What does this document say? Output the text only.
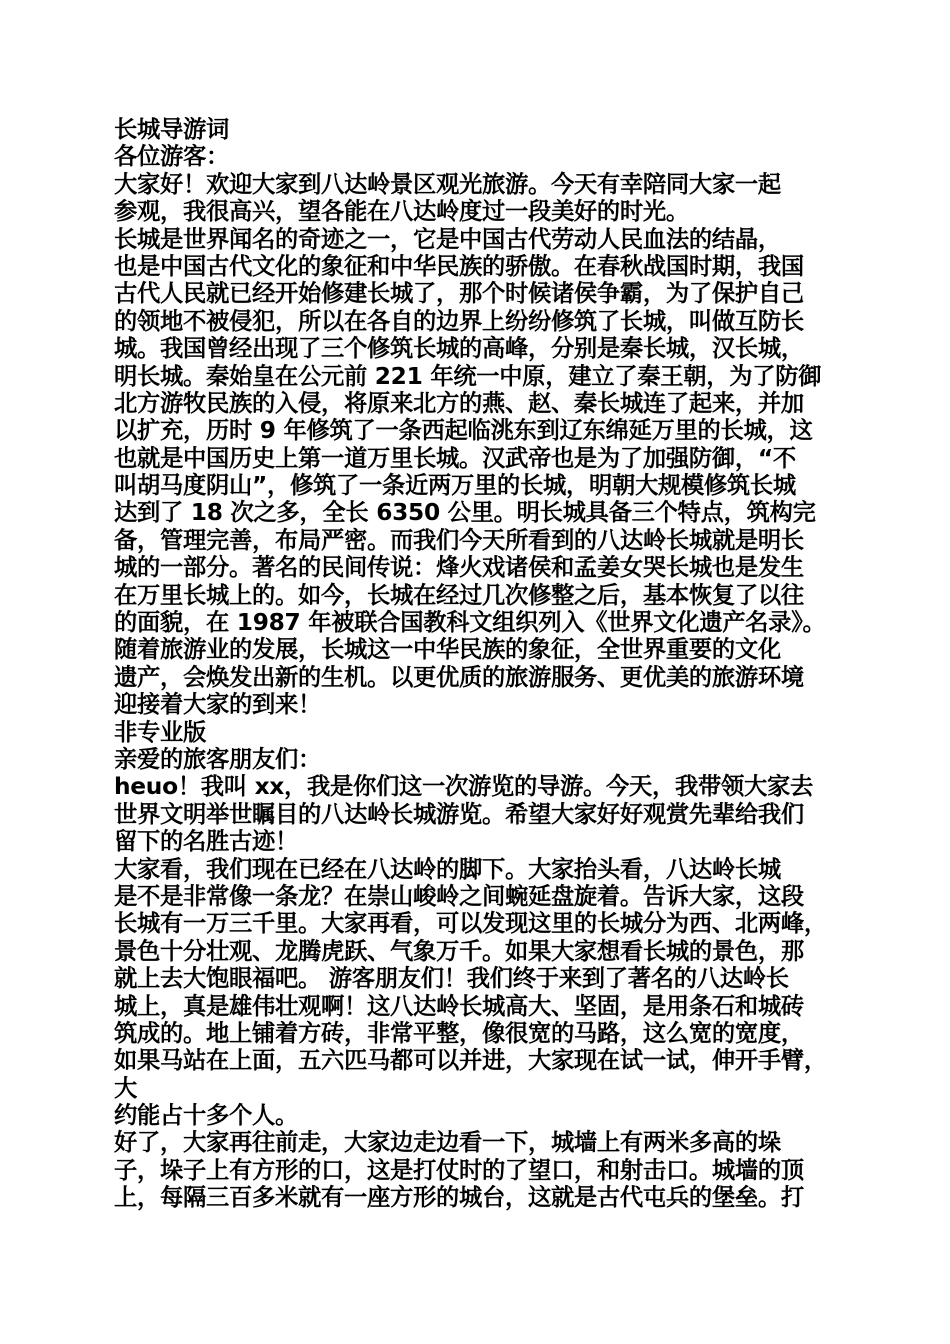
长城导游词
各位游客：
大家好！欢迎大家到八达岭景区观光旅游。今天有幸陪同大家一起
参观，我很高兴，望各能在八达岭度过一段美好的时光。
长城是世界闻名的奇迹之一，它是中国古代劳动人民血法的结晶，
也是中国古代文化的象征和中华民族的骄傲。在春秋战国时期，我国
古代人民就已经开始修建长城了，那个时候诸侯争霸，为了保护自己
的领地不被侵犯，所以在各自的边界上纷纷修筑了长城，叫做互防长
城。我国曾经出现了三个修筑长城的高峰，分别是秦长城，汉长城，
明长城。秦始皇在公元前 221 年统一中原，建立了秦王朝，为了防御
北方游牧民族的入侵，将原来北方的燕、赵、秦长城连了起来，并加
以扩充，历时 9 年修筑了一条西起临洮东到辽东绵延万里的长城，这
也就是中国历史上第一道万里长城。汉武帝也是为了加强防御，“不
叫胡马度阴山”，修筑了一条近两万里的长城，明朝大规模修筑长城
达到了 18 次之多，全长 6350 公里。明长城具备三个特点，筑构完
备，管理完善，布局严密。而我们今天所看到的八达岭长城就是明长
城的一部分。著名的民间传说：烽火戏诸侯和孟姜女哭长城也是发生
在万里长城上的。如今，长城在经过几次修整之后，基本恢复了以往
的面貌，在 1987 年被联合国教科文组织列入《世界文化遗产名录》。
随着旅游业的发展，长城这一中华民族的象征，全世界重要的文化
遗产，会焕发出新的生机。以更优质的旅游服务、更优美的旅游环境
迎接着大家的到来！
非专业版
亲爱的旅客朋友们：
heuo！我叫 xx，我是你们这一次游览的导游。今天，我带领大家去
世界文明举世瞩目的八达岭长城游览。希望大家好好观赏先辈给我们
留下的名胜古迹！
大家看，我们现在已经在八达岭的脚下。大家抬头看，八达岭长城
是不是非常像一条龙？在崇山峻岭之间蜿延盘旋着。告诉大家，这段
长城有一万三千里。大家再看，可以发现这里的长城分为西、北两峰，
景色十分壮观、龙腾虎跃、气象万千。如果大家想看长城的景色，那
就上去大饱眼福吧。 游客朋友们！我们终于来到了著名的八达岭长
城上，真是雄伟壮观啊！这八达岭长城高大、坚固，是用条石和城砖
筑成的。地上铺着方砖，非常平整，像很宽的马路，这么宽的宽度，
如果马站在上面，五六匹马都可以并进，大家现在试一试，伸开手臂，
大
约能占十多个人。
好了，大家再往前走，大家边走边看一下，城墙上有两米多高的垛
子，垛子上有方形的口，这是打仗时的了望口，和射击口。城墙的顶
上，每隔三百多米就有一座方形的城台，这就是古代屯兵的堡垒。打
